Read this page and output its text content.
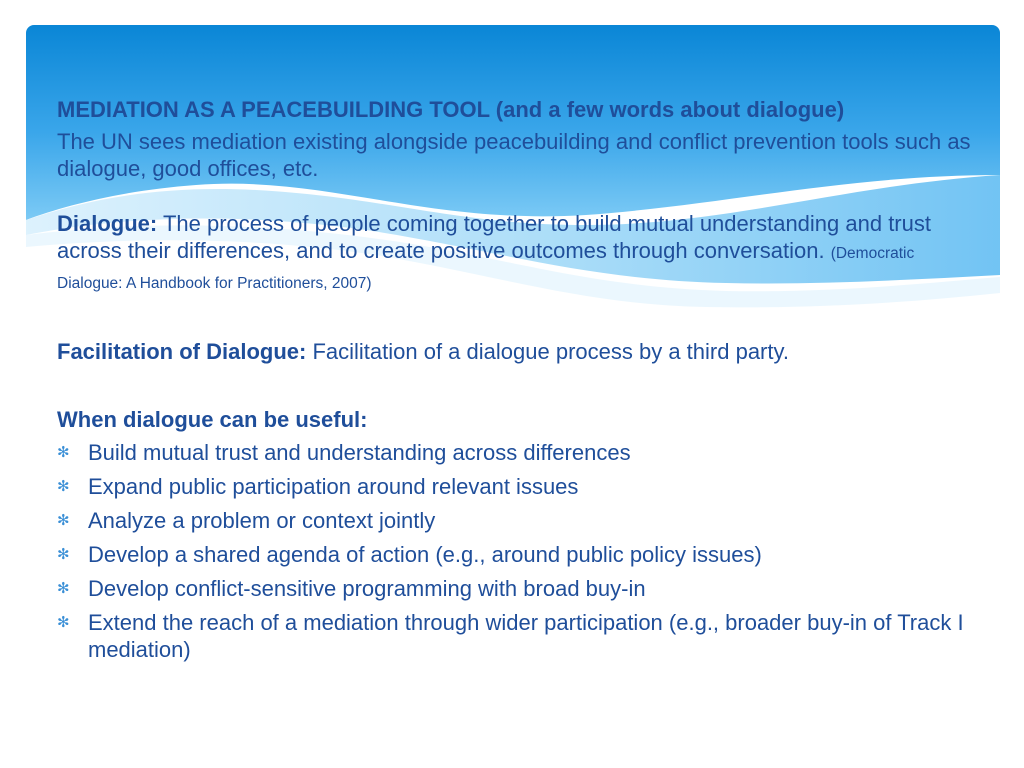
MEDIATION AS A PEACEBUILDING TOOL (and a few words about dialogue)

The UN sees mediation existing alongside peacebuilding and conflict prevention tools such as dialogue, good offices, etc.

Dialogue: The process of people coming together to build mutual understanding and trust across their differences, and to create positive outcomes through conversation. (Democratic Dialogue: A Handbook for Practitioners, 2007)

Facilitation of Dialogue: Facilitation of a dialogue process by a third party.

When dialogue can be useful:

✻ Build mutual trust and understanding across differences
✻ Expand public participation around relevant issues
✻ Analyze a problem or context jointly
✻ Develop a shared agenda of action (e.g., around public policy issues)
✻ Develop conflict-sensitive programming with broad buy-in
✻ Extend the reach of a mediation through wider participation (e.g., broader buy-in of Track I mediation)
